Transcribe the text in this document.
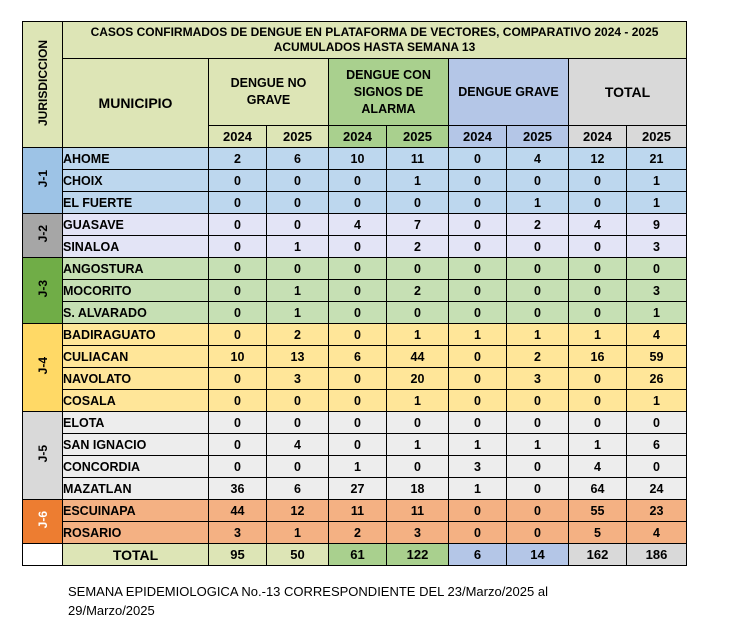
JURISDICCION	CASOS CONFIRMADOS DE DENGUE EN PLATAFORMA DE VECTORES, COMPARATIVO 2024 - 2025
ACUMULADOS HASTA SEMANA 13								

	MUNICIPIO	DENGUE NO GRAVE		DENGUE CON SIGNOS DE ALARMA		DENGUE GRAVE		TOTAL	
		2024	2025	2024	2025	2024	2025	2024	2025
J-1	AHOME	2	6	10	11	0	4	12	21
	CHOIX	0	0	0	1	0	0	0	1
	EL FUERTE	0	0	0	0	0	1	0	1
J-2	GUASAVE	0	0	4	7	0	2	4	9
	SINALOA	0	1	0	2	0	0	0	3
J-3	ANGOSTURA	0	0	0	0	0	0	0	0
	MOCORITO	0	1	0	2	0	0	0	3
	S. ALVARADO	0	1	0	0	0	0	0	1
J-4	BADIRAGUATO	0	2	0	1	1	1	1	4
	CULIACAN	10	13	6	44	0	2	16	59
	NAVOLATO	0	3	0	20	0	3	0	26
	COSALA	0	0	0	1	0	0	0	1
J-5	ELOTA	0	0	0	0	0	0	0	0
	SAN IGNACIO	0	4	0	1	1	1	1	6
	CONCORDIA	0	0	1	0	3	0	4	0
	MAZATLAN	36	6	27	18	1	0	64	24
J-6	ESCUINAPA	44	12	11	11	0	0	55	23
	ROSARIO	3	1	2	3	0	0	5	4
	TOTAL	95	50	61	122	6	14	162	186
SEMANA EPIDEMIOLOGICA No.-13 CORRESPONDIENTE DEL 23/Marzo/2025 al 29/Marzo/2025
